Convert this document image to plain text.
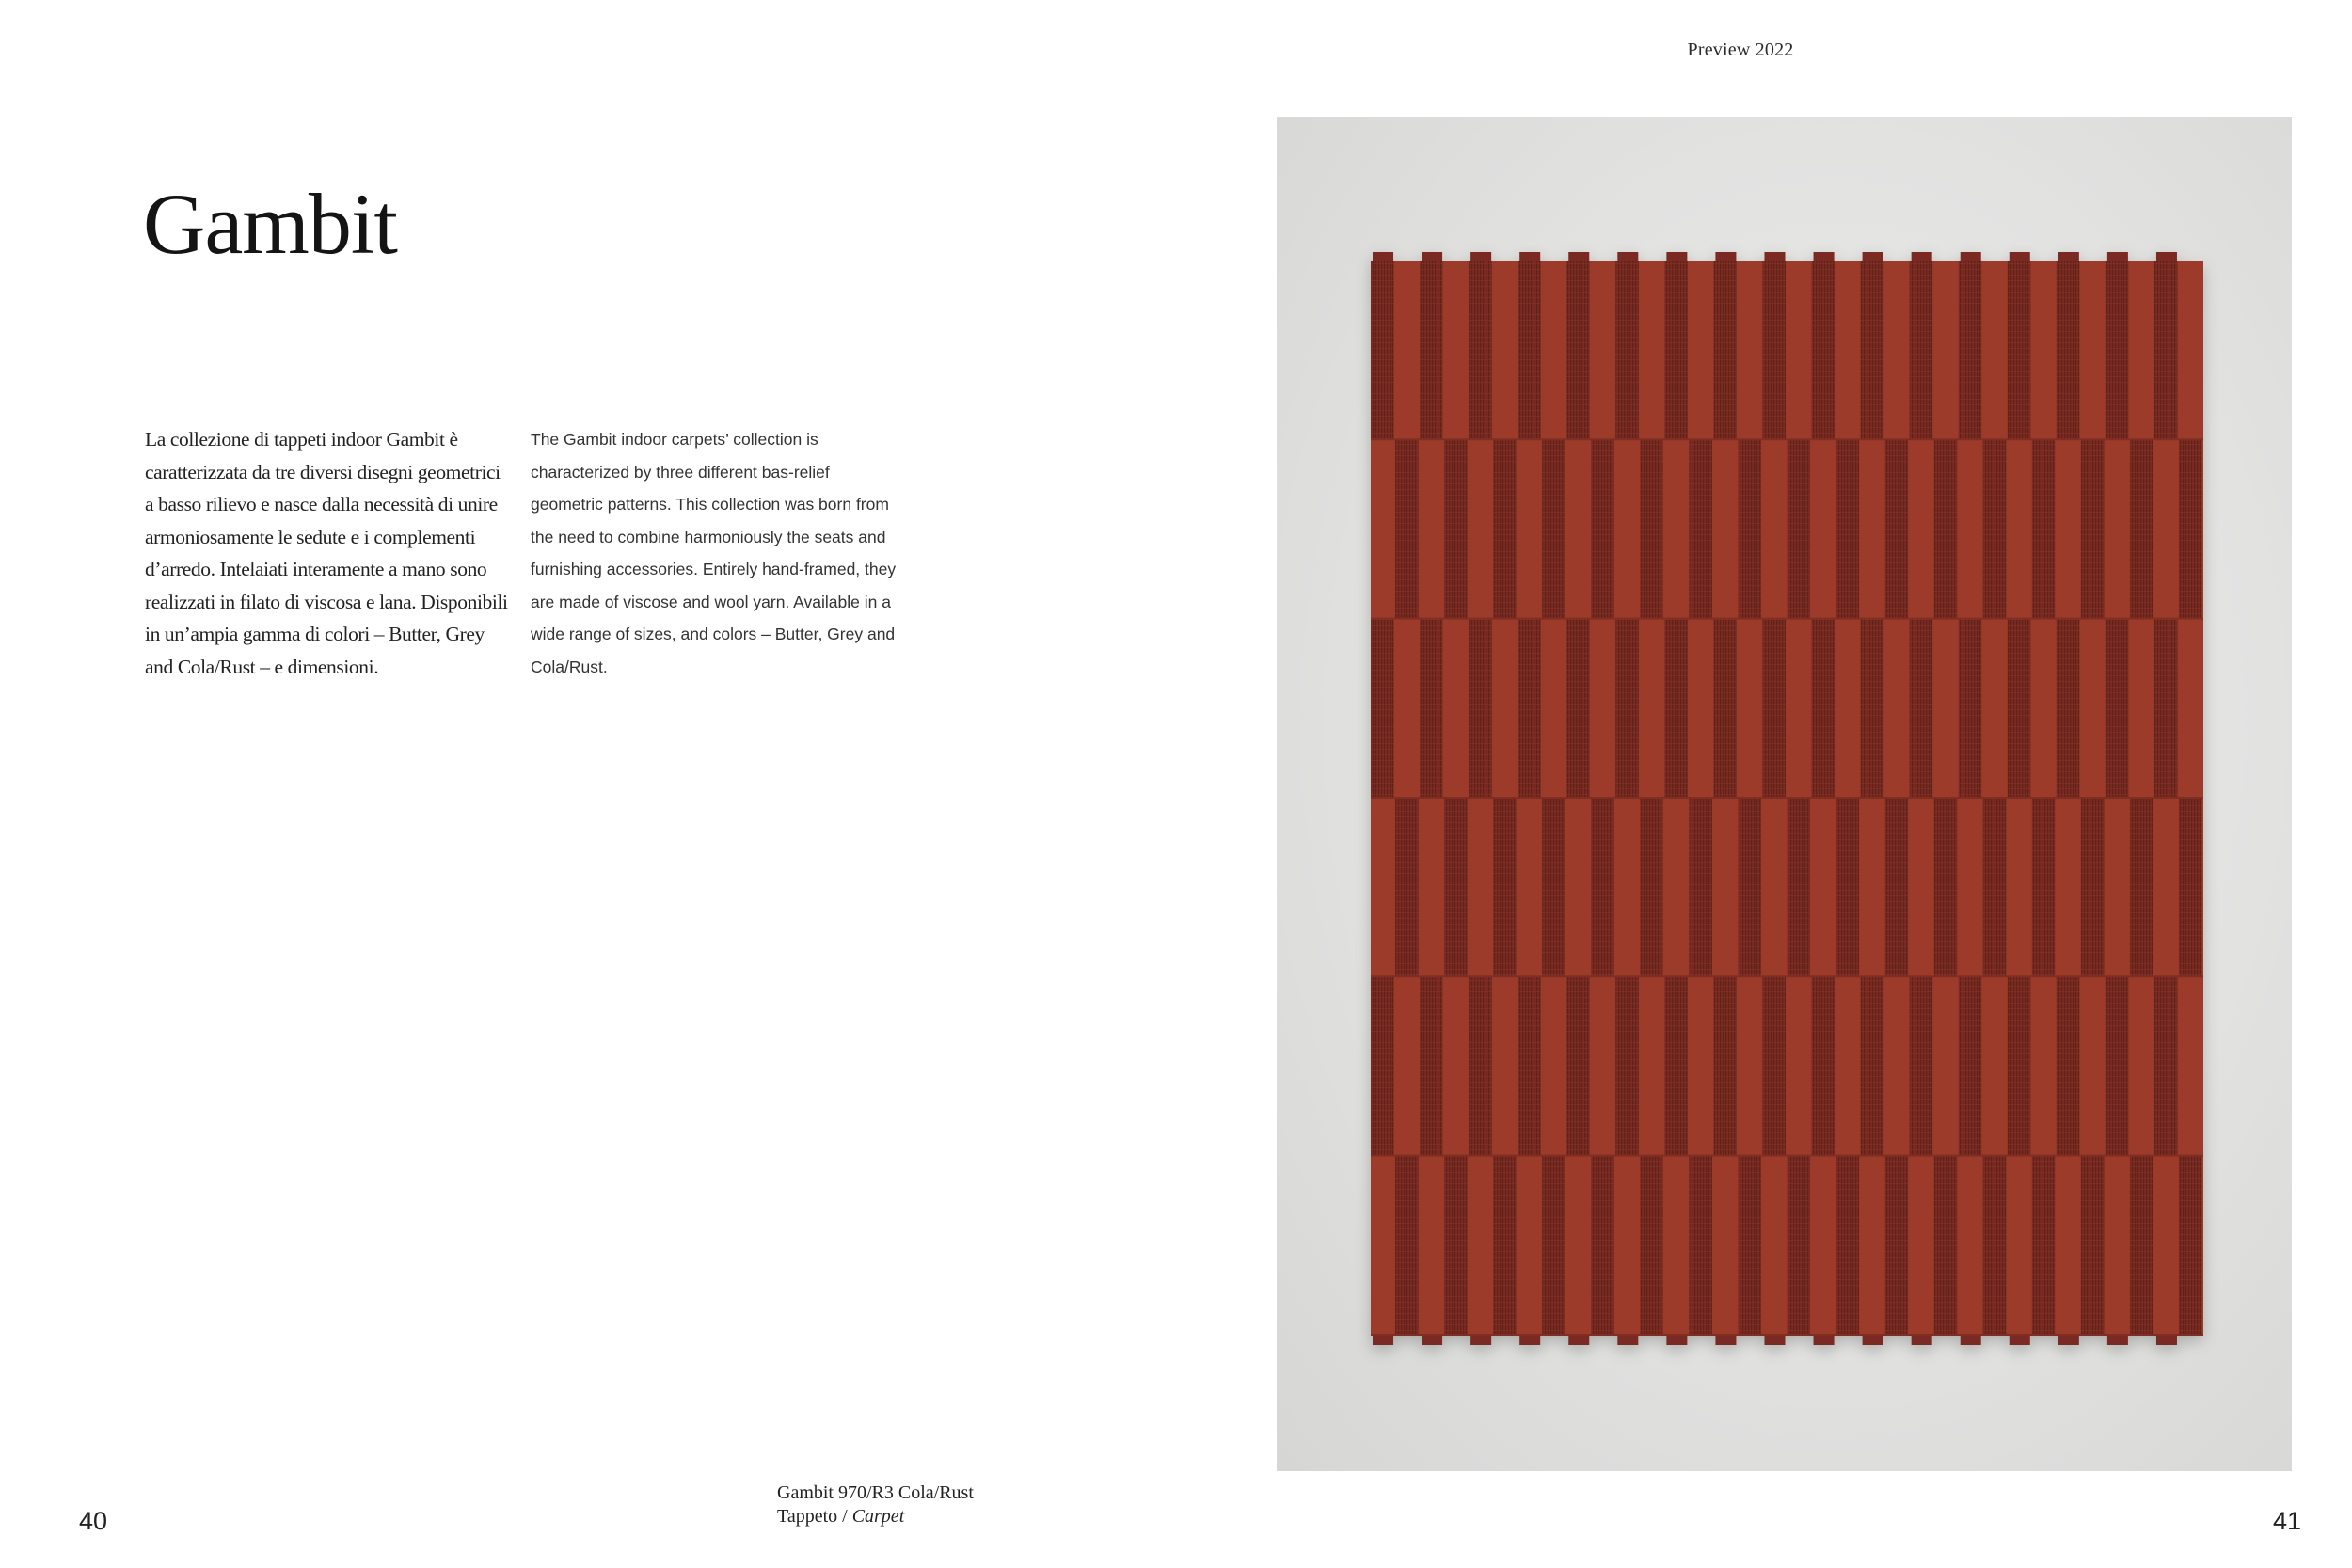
Preview 2022
Gambit

La collezione di tappeti indoor Gambit è caratterizzata da tre diversi disegni geometrici a basso rilievo e nasce dalla necessità di unire armoniosamente le sedute e i complementi d’arredo. Intelaiati interamente a mano sono realizzati in filato di viscosa e lana. Disponibili in un’ampia gamma di colori – Butter, Grey and Cola/Rust – e dimensioni.

The Gambit indoor carpets’ collection is characterized by three different bas-relief geometric patterns. This collection was born from the need to combine harmoniously the seats and furnishing accessories. Entirely hand-framed, they are made of viscose and wool yarn. Available in a wide range of sizes, and colors – Butter, Grey and Cola/Rust.

Gambit 970/R3 Cola/Rust
Tappeto / Carpet
40	41
